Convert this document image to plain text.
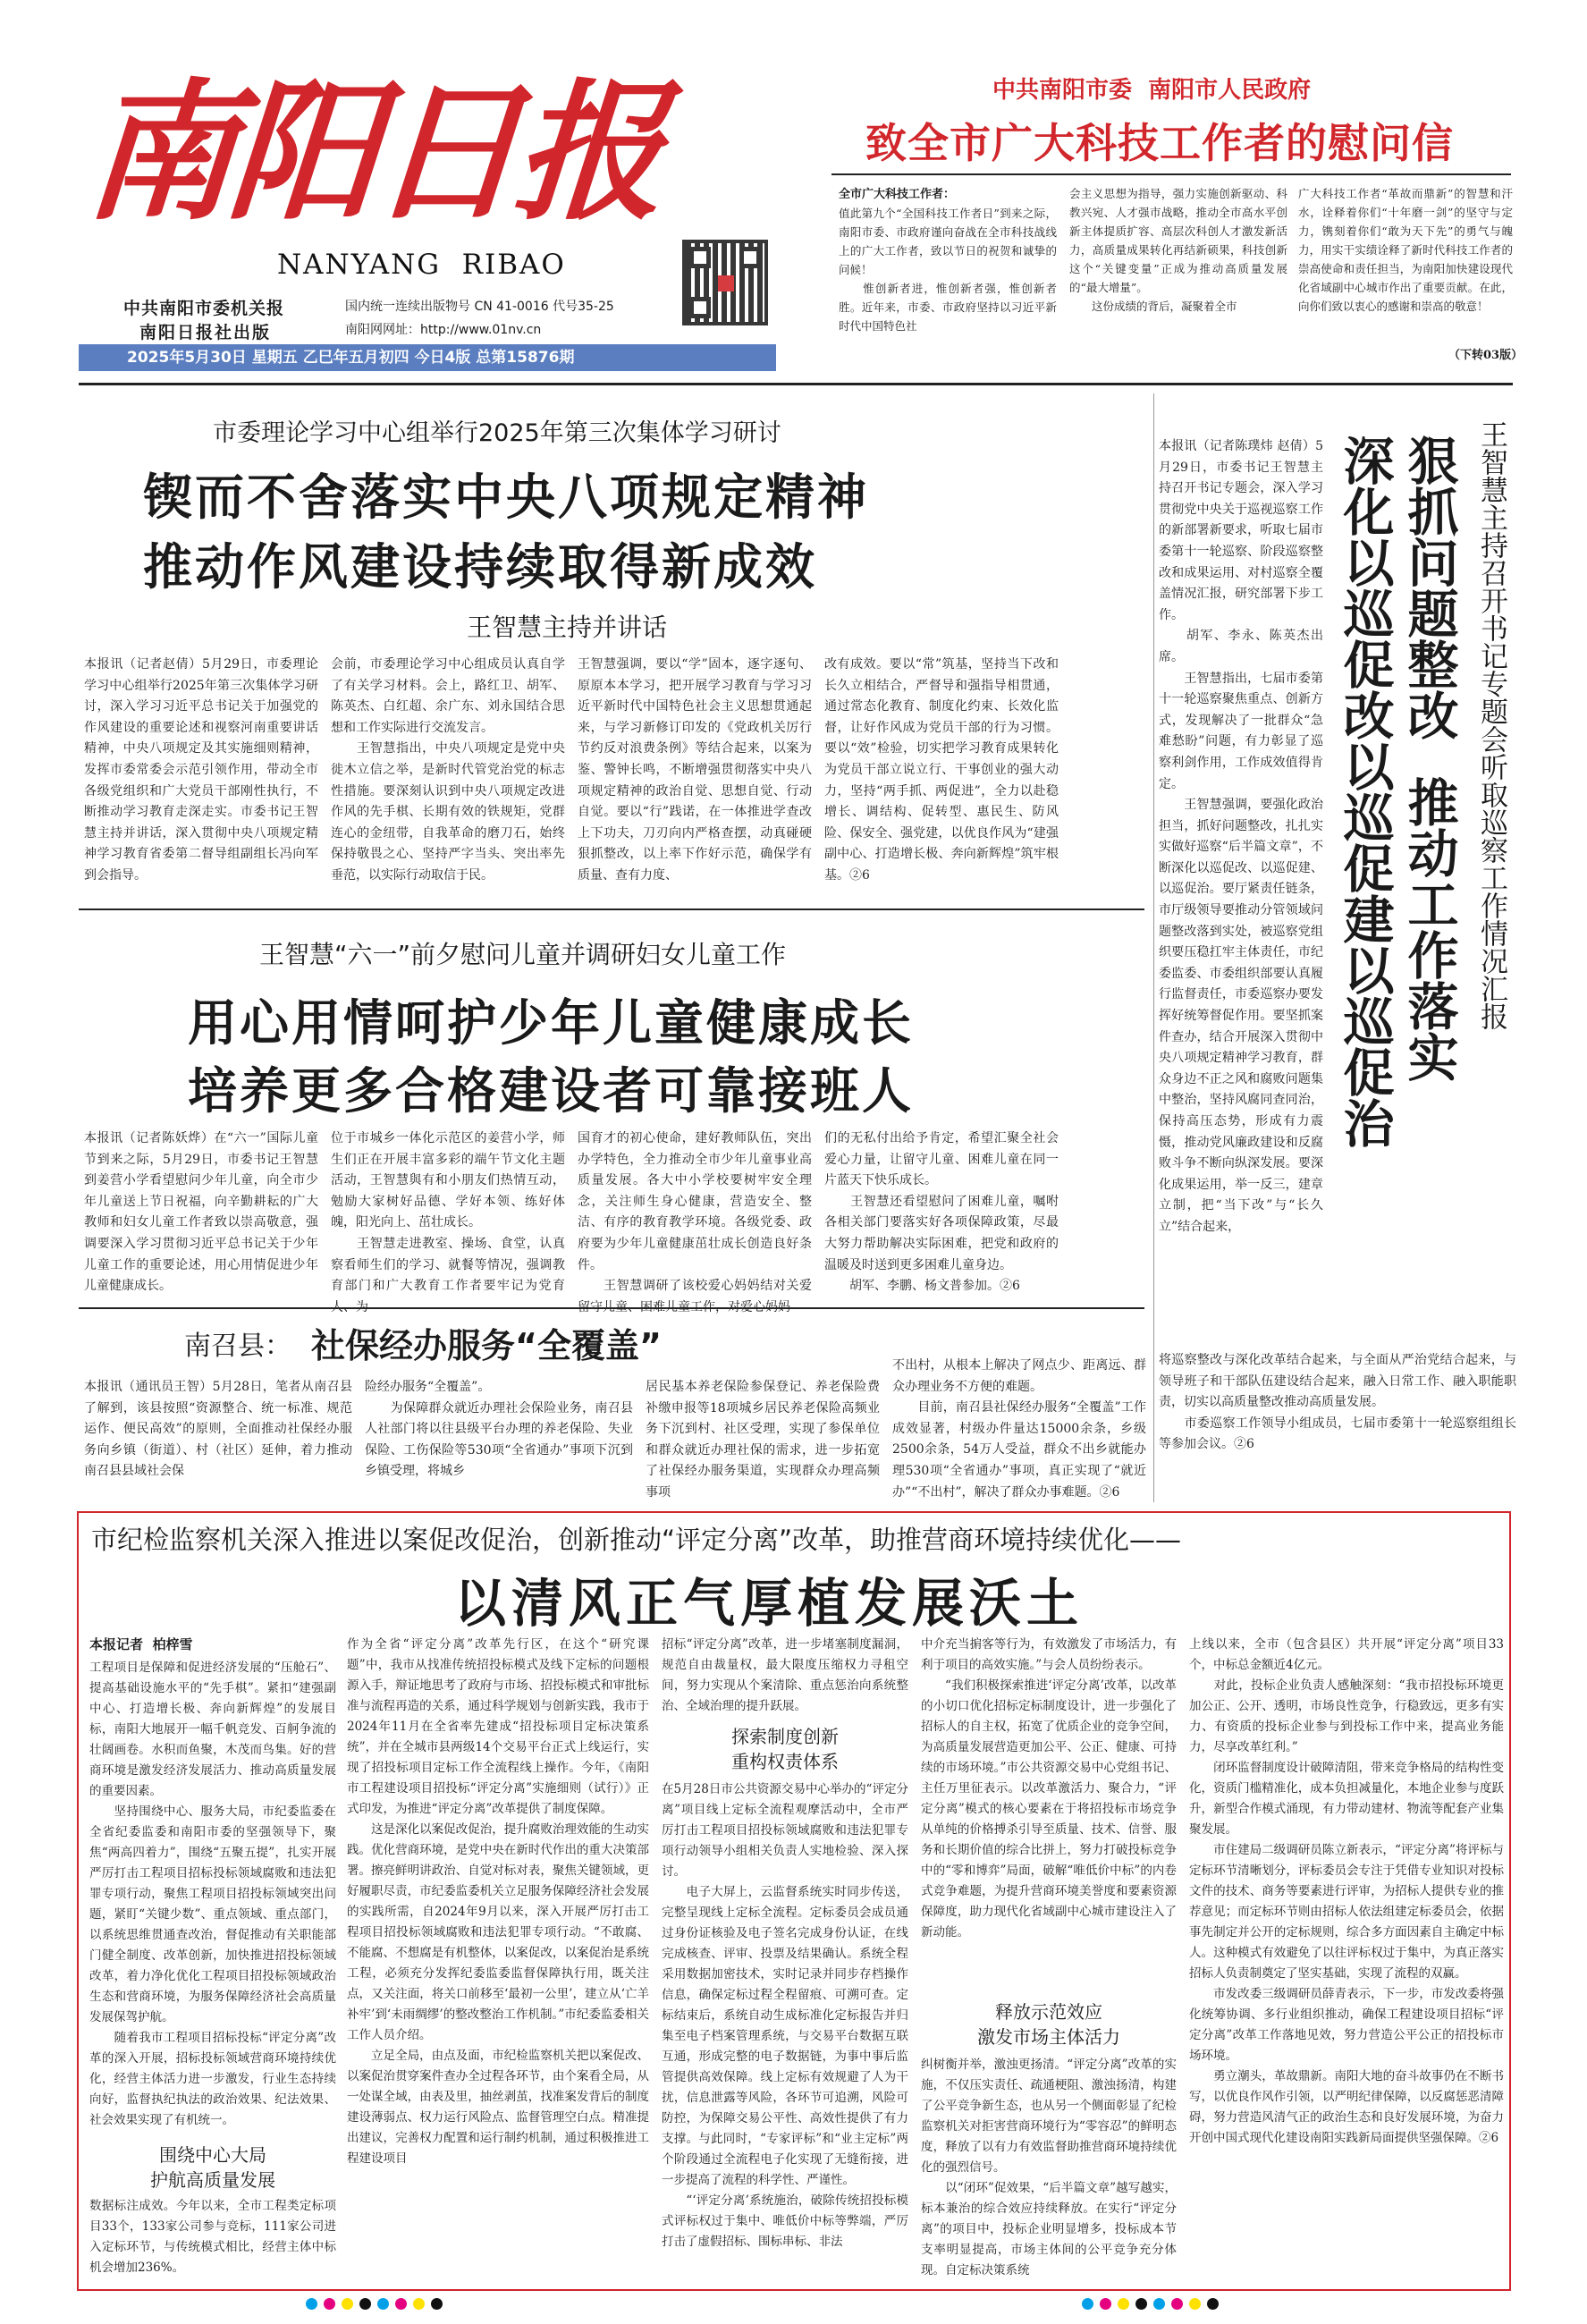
南阳日报
NANYANG  RIBAO
中共南阳市委机关报
南阳日报社出版
国内统一连续出版物号 CN 41-0016 代号35-25
南阳网网址：http://www.01nv.cn
2025年5月30日 星期五 乙巳年五月初四 今日4版 总第15876期
中共南阳市委  南阳市人民政府
致全市广大科技工作者的慰问信
全市广大科技工作者：
值此第九个“全国科技工作者日”到来之际，南阳市委、市政府谨向奋战在全市科技战线上的广大工作者，致以节日的祝贺和诚挚的问候！
　　惟创新者进，惟创新者强，惟创新者胜。近年来，市委、市政府坚持以习近平新时代中国特色社
会主义思想为指导，强力实施创新驱动、科教兴宛、人才强市战略，推动全市高水平创新主体提质扩容、高层次科创人才激发新活力，高质量成果转化再结新硕果，科技创新这个“关键变量”正成为推动高质量发展的“最大增量”。
　　这份成绩的背后，凝聚着全市
广大科技工作者“革故而鼎新”的智慧和汗水，诠释着你们“十年磨一剑”的坚守与定力，镌刻着你们“敢为天下先”的勇气与魄力，用实干实绩诠释了新时代科技工作者的崇高使命和责任担当，为南阳加快建设现代化省域副中心城市作出了重要贡献。在此，向你们致以衷心的感谢和崇高的敬意！
（下转03版）
市委理论学习中心组举行2025年第三次集体学习研讨
锲而不舍落实中央八项规定精神
推动作风建设持续取得新成效
王智慧主持并讲话
本报讯（记者赵倩）5月29日，市委理论学习中心组举行2025年第三次集体学习研讨，深入学习习近平总书记关于加强党的作风建设的重要论述和视察河南重要讲话精神，中央八项规定及其实施细则精神，发挥市委常委会示范引领作用，带动全市各级党组织和广大党员干部刚性执行，不断推动学习教育走深走实。市委书记王智慧主持并讲话，深入贯彻中央八项规定精神学习教育省委第二督导组副组长冯向军到会指导。
会前，市委理论学习中心组成员认真自学了有关学习材料。会上，路红卫、胡军、陈英杰、白红超、余广东、刘永国结合思想和工作实际进行交流发言。
　　王智慧指出，中央八项规定是党中央徙木立信之举，是新时代管党治党的标志性措施。要深刻认识到中央八项规定改进作风的先手棋、长期有效的铁规矩，党群连心的金纽带，自我革命的磨刀石，始终保持敬畏之心、坚持严字当头、突出率先垂范，以实际行动取信于民。
王智慧强调，要以“学”固本，逐字逐句、原原本本学习，把开展学习教育与学习习近平新时代中国特色社会主义思想贯通起来，与学习新修订印发的《党政机关厉行节约反对浪费条例》等结合起来，以案为鉴、警钟长鸣，不断增强贯彻落实中央八项规定精神的政治自觉、思想自觉、行动自觉。要以“行”践诺，在一体推进学查改上下功夫，刀刃向内严格查摆，动真碰硬狠抓整改，以上率下作好示范，确保学有质量、查有力度、
改有成效。要以“常”筑基，坚持当下改和长久立相结合，严督导和强指导相贯通，通过常态化教育、制度化约束、长效化监督，让好作风成为党员干部的行为习惯。要以“效”检验，切实把学习教育成果转化为党员干部立说立行、干事创业的强大动力，坚持“两手抓、两促进”，全力以赴稳增长、调结构、促转型、惠民生、防风险、保安全、强党建，以优良作风为“建强副中心、打造增长极、奔向新辉煌”筑牢根基。②6
王智慧“六一”前夕慰问儿童并调研妇女儿童工作
用心用情呵护少年儿童健康成长
培养更多合格建设者可靠接班人
本报讯（记者陈妖烨）在“六一”国际儿童节到来之际，5月29日，市委书记王智慧到姜营小学看望慰问少年儿童，向全市少年儿童送上节日祝福，向辛勤耕耘的广大教师和妇女儿童工作者致以崇高敬意，强调要深入学习贯彻习近平总书记关于少年儿童工作的重要论述，用心用情促进少年儿童健康成长。
位于市城乡一体化示范区的姜营小学，师生们正在开展丰富多彩的端午节文化主题活动，王智慧與有和小朋友们热情互动，勉励大家树好品德、学好本领、练好体魄，阳光向上、茁壮成长。
　　王智慧走进教室、操场、食堂，认真察看师生们的学习、就餐等情况，强调教育部门和广大教育工作者要牢记为党育
国育才的初心使命，建好教师队伍，突出办学特色，全力推动全市少年儿童事业高质量发展。各大中小学校要树牢安全理念，关注师生身心健康，营造安全、整洁、有序的教育教学环境。各级党委、政府要为少年儿童健康茁壮成长创造良好条件。
　　王智慧调研了该校爱心妈妈结对关爱
们的无私付出给予肯定，希望汇聚全社会爱心力量，让留守儿童、困难儿童在同一片蓝天下快乐成长。
　　王智慧还看望慰问了困难儿童，嘱咐各相关部门要落实好各项保障政策，尽最大努力帮助解决实际困难，把党和政府的温暖及时送到更多困难儿童身边。
　　胡军、李鹏、杨文普参加。②6
南召县： 社保经办服务“全覆盖”
本报讯（通讯员王智）5月28日，笔者从南召县了解到，该县按照“资源整合、统一标准、规范运作、便民高效”的原则，全面推动社保经办服务向乡镇（街道）、村（社区）延伸，着力推动南召县县域社会保
险经办服务“全覆盖”。
　　为保障群众就近办理社会保险业务，南召县人社部门将以往县级平台办理的养老保险、失业保险、工伤保险等530项“全省通办”事项下沉到乡镇受理，将城乡
居民基本养老保险参保登记、养老保险费补缴申报等18项城乡居民养老保险高频业务下沉到村、社区受理，实现了参保单位和群众就近办理社保的需求，进一步拓宽了社保经办服务渠道，实现群众办理高频事项
不出村，从根本上解决了网点少、距离远、群众办理业务不方便的难题。
　　目前，南召县社保经办服务“全覆盖”工作成效显著，村级办件量达15000余条，乡级2500余条，54万人受益，群众不出乡就能办理530项“全省通办”事项，真正实现了“就近办”“不出村”，解决了群众办事难题。②6
本报讯（记者陈璞炜 赵倩）5月29日，市委书记王智慧主持召开书记专题会，深入学习贯彻党中央关于巡视巡察工作的新部署新要求，听取七届市委第十一轮巡察、阶段巡察整改和成果运用、对村巡察全覆盖情况汇报，研究部署下步工作。
　　胡军、李永、陈英杰出席。
　　王智慧指出，七届市委第十一轮巡察聚焦重点、创新方式，发现解决了一批群众“急难愁盼”问题，有力彰显了巡察利剑作用，工作成效值得肯定。
　　王智慧强调，要强化政治担当，抓好问题整改，扎扎实实做好巡察“后半篇文章”，不断深化以巡促改、以巡促建、以巡促治。要厅紧责任链条，市厅级领导要推动分管领域问题整改落到实处，被巡察党组织要压稳扛牢主体责任，市纪委监委、市委组织部要认真履行监督责任，市委巡察办要发挥好统筹督促作用。要坚抓案件查办，结合开展深入贯彻中央八项规定精神学习教育，群众身边不正之风和腐败问题集中整治，坚持风腐同查同治，保持高压态势，形成有力震慑，推动党风廉政建设和反腐败斗争不断向纵深发展。要深化成果运用，举一反三，建章立制，把“当下改”与“长久立”结合起来，
将巡察整改与深化改革结合起来，与全面从严治党结合起来，与领导班子和干部队伍建设结合起来，融入日常工作、融入职能职责，切实以高质量整改推动高质量发展。
　　市委巡察工作领导小组成员，七届市委第十一轮巡察组组长等参加会议。②6
王智慧主持召开书记专题会听取巡察工作情况汇报
狠抓问题整改  推动工作落实
深化以巡促改以巡促建以巡促治
市纪检监察机关深入推进以案促改促治，创新推动“评定分离”改革，助推营商环境持续优化——
以清风正气厚植发展沃土
本报记者  柏梓雪
工程项目是保障和促进经济发展的“压舱石”、提高基础设施水平的“先手棋”。紧扣“建强副中心、打造增长极、奔向新辉煌”的发展目标，南阳大地展开一幅千帆竞发、百舸争流的壮阔画卷。水积而鱼聚，木茂而鸟集。好的营商环境是激发经济发展活力、推动高质量发展的重要因素。
　　坚持围绕中心、服务大局，市纪委监委在全省纪委监委和南阳市委的坚强领导下，聚焦“两高四着力”，围绕“五聚五提”，扎实开展严厉打击工程项目招标投标领域腐败和违法犯罪专项行动，聚焦工程项目招投标领域突出问题，紧盯“关键少数”、重点领域、重点部门，以系统思维贯通查改治，督促推动有关职能部门健全制度、改革创新，加快推进招投标领域改革，着力净化优化工程项目招投标领域政治生态和营商环境，为服务保障经济社会高质量发展保驾护航。
　　随着我市工程项目招标投标“评定分离”改革的深入开展，招标投标领域营商环境持续优化，经营主体活力进一步激发，行业生态持续向好，监督执纪执法的政治效果、纪法效果、社会效果实现了有机统一。
围绕中心大局
护航高质量发展
数据标注成效。今年以来，全市工程类定标项目33个，133家公司参与竞标，111家公司进入定标环节，与传统模式相比，经营主体中标机会增加236%。
作为全省“评定分离”改革先行区，在这个“研究课题”中，我市从找准传统招投标模式及线下定标的问题根源入手，辩证地思考了政府与市场、招投标模式和审批标准与流程再造的关系，通过科学规划与创新实践，我市于2024年11月在全省率先建成“招投标项目定标决策系统”，并在全城市县两级14个交易平台正式上线运行，实现了招投标项目定标工作全流程线上操作。今年，《南阳市工程建设项目招投标“评定分离”实施细则（试行）》正式印发，为推进“评定分离”改革提供了制度保障。
　　这是深化以案促改促治，提升腐败治理效能的生动实践。优化营商环境，是党中央在新时代作出的重大决策部署。擦亮鲜明讲政治、自觉对标对表，聚焦关键领域，更好履职尽责，市纪委监委机关立足服务保障经济社会发展的实践所需，自2024年9月以来，深入开展严厉打击工程项目招投标领域腐败和违法犯罪专项行动。“不敢腐、不能腐、不想腐是有机整体，以案促改，以案促治是系统工程，必须充分发挥纪委监委监督保障执行用，既关注点，又关注面，将关口前移至‘最初一公里’，建立从‘亡羊补牢’到‘未雨绸缪’的整改整治工作机制。”市纪委监委相关工作人员介绍。
　　立足全局，由点及面，市纪检监察机关把以案促改、以案促治贯穿案件查办全过程各环节，由个案看全局，从一处谋全域，由表及里，抽丝剥茧，找准案发背后的制度建设薄弱点、权力运行风险点、监督管理空白点。精准提出建议，完善权力配置和运行制约机制，通过积极推进工程建设项目
招标“评定分离”改革，进一步堵塞制度漏洞，规范自由裁量权，最大限度压缩权力寻租空间，努力实现从个案清除、重点惩治向系统整治、全域治理的提升跃展。
探索制度创新
重构权责体系
在5月28日市公共资源交易中心举办的“评定分离”项目线上定标全流程观摩活动中，全市严厉打击工程项目招投标领域腐败和违法犯罪专项行动领导小组相关负责人实地检验、深入探讨。
　　电子大屏上，云监督系统实时同步传送，完整呈现线上定标全流程。定标委员会成员通过身份证核验及电子签名完成身份认证，在线完成核查、评审、投票及结果确认。系统全程采用数据加密技术，实时记录并同步存档操作信息，确保定标过程全程留痕、可溯可查。定标结束后，系统自动生成标准化定标报告并归集至电子档案管理系统，与交易平台数据互联互通，形成完整的电子数据链，为事中事后监管提供高效保障。线上定标有效规避了人为干扰，信息泄露等风险，各环节可追溯，风险可防控，为保障交易公平性、高效性提供了有力支撑。与此同时，“专家评标”和“业主定标”两个阶段通过全流程电子化实现了无缝衔接，进一步提高了流程的科学性、严谨性。
　　“‘评定分离’系统施治，破除传统招投标模式评标权过于集中、唯低价中标等弊端，严厉打击了虚假招标、围标串标、非法
中介充当掮客等行为，有效激发了市场活力，有利于项目的高效实施。”与会人员纷纷表示。
　　“我们积极探索推进‘评定分离’改革，以改革的小切口优化招标定标制度设计，进一步强化了招标人的自主权，拓宽了优质企业的竞争空间，为高质量发展营造更加公平、公正、健康、可持续的市场环境。”市公共资源交易中心党组书记、主任万里征表示。以改革激活力、聚合力，“评定分离”模式的核心要素在于将招投标市场竞争从单纯的价格搏杀引导至质量、技术、信誉、服务和长期价值的综合比拼上，努力打破投标竞争中的“零和博弈”局面，破解“唯低价中标”的内卷式竞争难题，为提升营商环境美誉度和要素资源保障度，助力现代化省域副中心城市建设注入了新动能。
释放示范效应
激发市场主体活力
纠树衡并举，激浊更扬清。“评定分离”改革的实施，不仅压实责任、疏通梗阻、激浊扬清，构建了公平竞争新生态，也从另一个侧面彰显了纪检监察机关对拒害营商环境行为“零容忍”的鲜明态度，释放了以有力有效监督助推营商环境持续优化的强烈信号。
　　以“闭环”促效果，“后半篇文章”越写越实，标本兼治的综合效应持续释放。在实行“评定分离”的项目中，投标企业明显增多，投标成本节支率明显提高，市场主体间的公平竞争充分体现。自定标决策系统
上线以来，全市（包含县区）共开展“评定分离”项目33个，中标总金额近4亿元。
　　对此，投标企业负责人感触深刻：“我市招投标环境更加公正、公开、透明，市场良性竞争，行稳致远，更多有实力、有资质的投标企业参与到投标工作中来，提高业务能力，尽享改革红利。”
　　闭环监督制度设计破障清阻，带来竞争格局的结构性变化，资质门槛精准化，成本负担减量化，本地企业参与度跃升，新型合作模式涌现，有力带动建材、物流等配套产业集聚发展。
　　市住建局二级调研员陈立新表示，“评定分离”将评标与定标环节清晰划分，评标委员会专注于凭借专业知识对投标文件的技术、商务等要素进行评审，为招标人提供专业的推荐意见；而定标环节则由招标人依法组建定标委员会，依据事先制定并公开的定标规则，综合多方面因素自主确定中标人。这种模式有效避免了以往评标权过于集中，为真正落实招标人负责制奠定了坚实基础，实现了流程的双赢。
　　市发改委三级调研员薛青表示，下一步，市发改委将强化统筹协调、多行业组织推动，确保工程建设项目招标“评定分离”改革工作落地见效，努力营造公平公正的招投标市场环境。
　　勇立潮头，革故鼎新。南阳大地的奋斗故事仍在不断书写，以优良作风作引领，以严明纪律保障，以反腐惩恶清障碍，努力营造风清气正的政治生态和良好发展环境，为奋力开创中国式现代化建设南阳实践新局面提供坚强保障。②6
